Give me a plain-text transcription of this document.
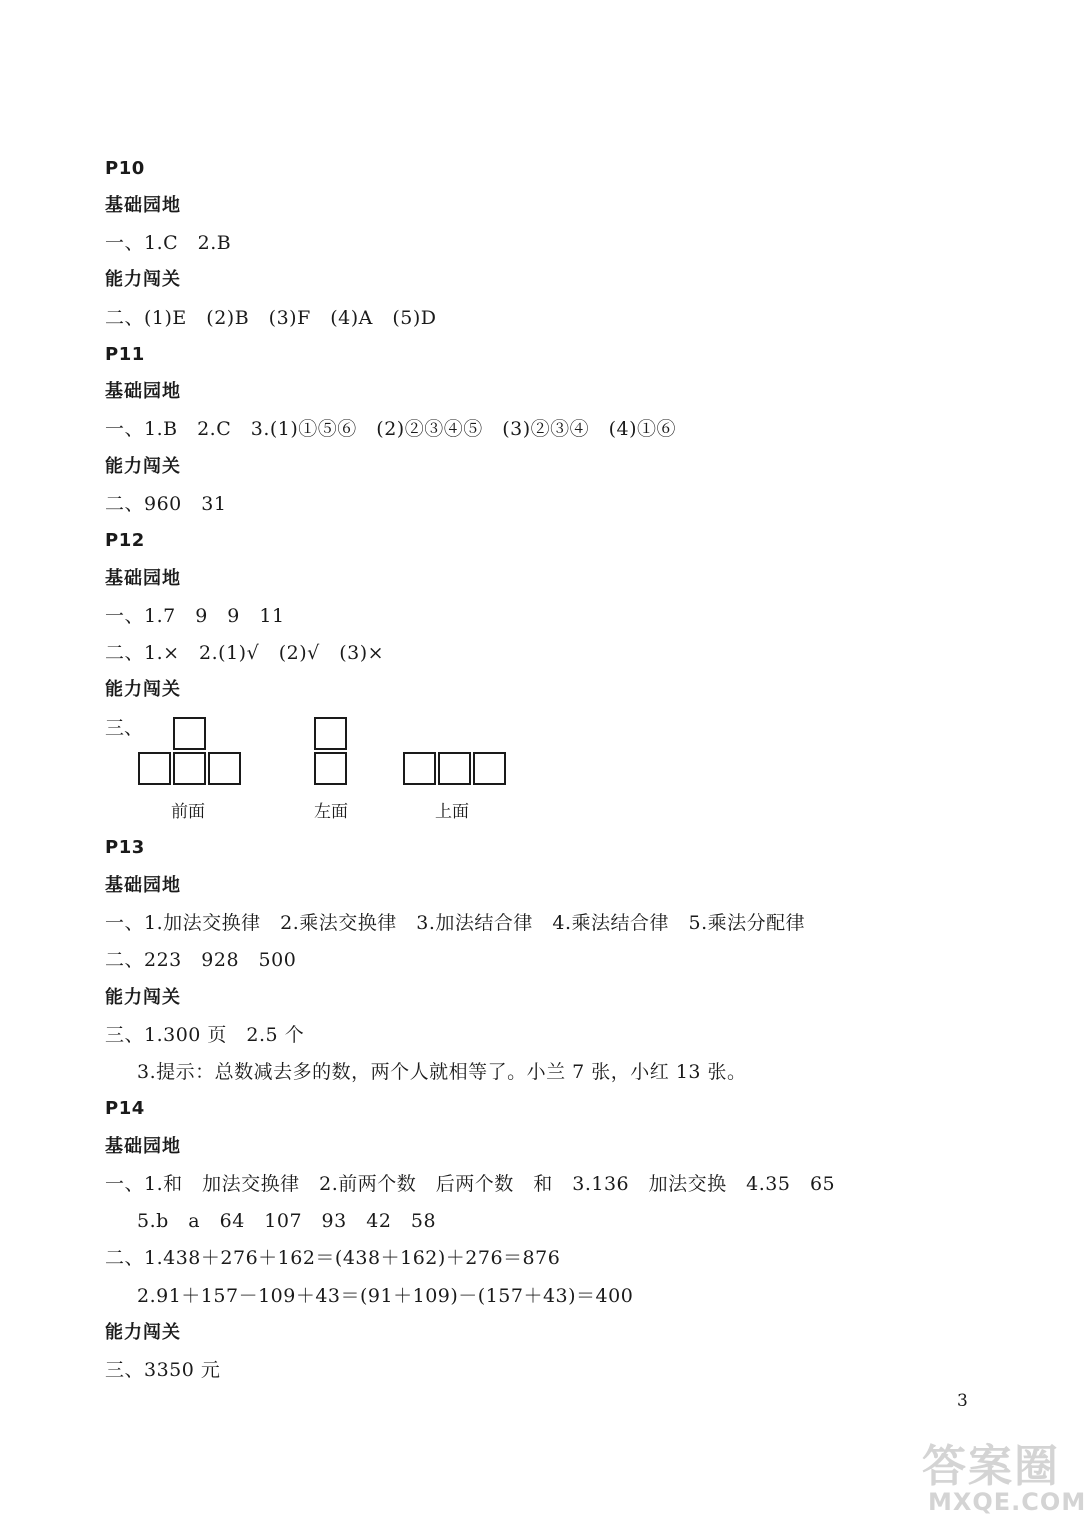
P10
基础园地
一、1.C　2.B
能力闯关
二、(1)E　(2)B　(3)F　(4)A　(5)D
P11
基础园地
一、1.B　2.C　3.(1)①⑤⑥　(2)②③④⑤　(3)②③④　(4)①⑥
能力闯关
二、960　31
P12
基础园地
一、1.7　9　9　11
二、1.×　2.(1)√　(2)√　(3)×
能力闯关
三、
前面	左面	上面
P13
基础园地
一、1.加法交换律　2.乘法交换律　3.加法结合律　4.乘法结合律　5.乘法分配律
二、223　928　500
能力闯关
三、1.300 页　2.5 个
3.提示：总数减去多的数，两个人就相等了。小兰 7 张，小红 13 张。
P14
基础园地
一、1.和　加法交换律　2.前两个数　后两个数　和　3.136　加法交换　4.35　65
5.b　a　64　107　93　42　58
二、1.438＋276＋162＝(438＋162)＋276＝876
2.91＋157－109＋43＝(91＋109)－(157＋43)＝400
能力闯关
三、3350 元
3
答案圈
MXQE.COM
